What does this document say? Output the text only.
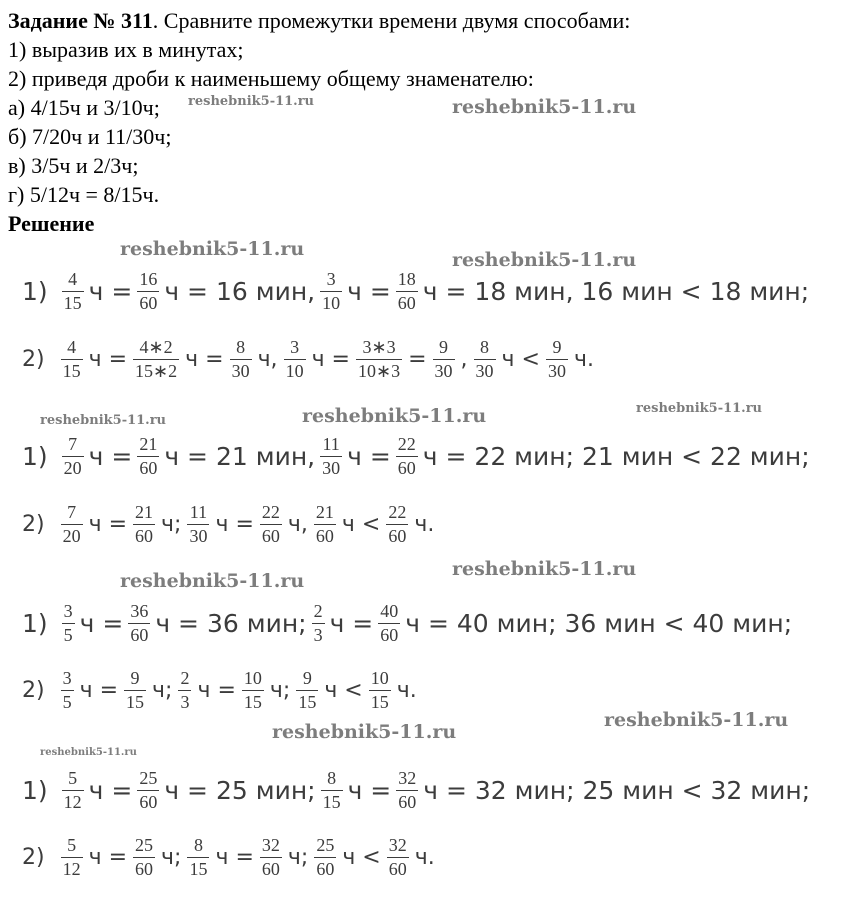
Задание № 311. Сравните промежутки времени двумя способами:
1) выразив их в минутах;
2) приведя дроби к наименьшему общему знаменателю:
а) 4/15ч и 3/10ч;
б) 7/20ч и 11/30ч;
в) 3/5ч и 2/3ч;
г) 5/12ч = 8/15ч.
Решение
reshebnik5-11.ru	reshebnik5-11.ru
reshebnik5-11.ru	reshebnik5-11.ru
reshebnik5-11.ru	reshebnik5-11.ru	reshebnik5-11.ru
reshebnik5-11.ru
reshebnik5-11.ru
reshebnik5-11.ru
reshebnik5-11.ru
reshebnik5-11.ru
$1) \frac{4}{15}$ $ч = \frac{16}{60}$ ч = 16 мин, $\frac{3}{10}$ $ч = \frac{18}{60}$ ч = 18 мин, 16 мин < 18 мин;
$2) \frac{4}{15}$ $ч = \frac{4∗2}{15∗2}$ $ч = \frac{8}{30} ч$, $\frac{3}{10}$ $ч = \frac{3∗3}{10∗3} = \frac{9}{30}$ , $\frac{8}{30}$ $ч < \frac{9}{30} ч$.
$1) \frac{7}{20}$ $ч = \frac{21}{60}$ ч = 21 мин, $\frac{11}{30}$ $ч = \frac{22}{60}$ ч = 22 мин; 21 мин < 22 мин;
$2) \frac{7}{20}$ $ч = \frac{21}{60} ч$; $\frac{11}{30}$ $ч = \frac{22}{60} ч$, $\frac{21}{60}$ $ч < \frac{22}{60} ч$.
$1) \frac{3}{5}$ $ч = \frac{36}{60}$ ч = 36 мин; $\frac{2}{3}$ $ч = \frac{40}{60}$ ч = 40 мин; 36 мин < 40 мин;
$2) \frac{3}{5}$ $ч = \frac{9}{15} ч$; $\frac{2}{3}$ $ч = \frac{10}{15} ч$; $\frac{9}{15}$ $ч < \frac{10}{15} ч$.
$1) \frac{5}{12}$ $ч = \frac{25}{60}$ ч = 25 мин; $\frac{8}{15}$ $ч = \frac{32}{60}$ ч = 32 мин; 25 мин < 32 мин;
$2) \frac{5}{12}$ $ч = \frac{25}{60} ч$; $\frac{8}{15}$ $ч = \frac{32}{60} ч$; $\frac{25}{60}$ $ч < \frac{32}{60} ч$.
